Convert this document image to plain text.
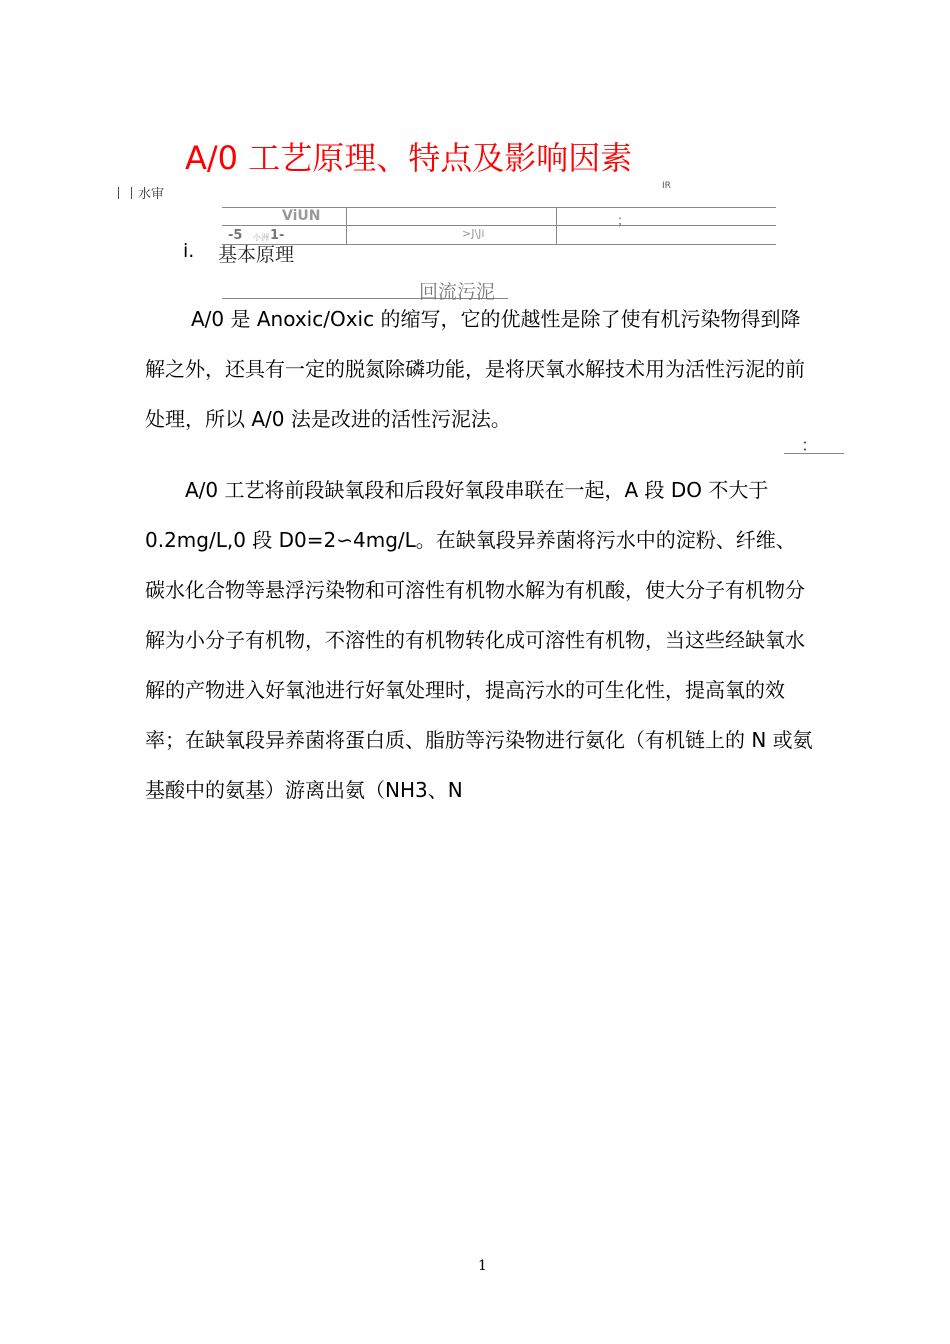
A/0 工艺原理、特点及影响因素
丨丨水审
IR
ViUN	；
>J\Ji
-5 小洲 1-
i. 基本原理
回流污泥
：

A/0 是 Anoxic/Oxic 的缩写，它的优越性是除了使有机污染物得到降解之外，还具有一定的脱氮除磷功能，是将厌氧水解技术用为活性污泥的前处理，所以 A/0 法是改进的活性污泥法。

A/0 工艺将前段缺氧段和后段好氧段串联在一起，A 段 DO 不大于 0.2mg/L,0 段 D0=2∽4mg/L。在缺氧段异养菌将污水中的淀粉、纤维、碳水化合物等悬浮污染物和可溶性有机物水解为有机酸，使大分子有机物分解为小分子有机物，不溶性的有机物转化成可溶性有机物，当这些经缺氧水解的产物进入好氧池进行好氧处理时，提高污水的可生化性，提高氧的效率；在缺氧段异养菌将蛋白质、脂肪等污染物进行氨化（有机链上的 N 或氨基酸中的氨基）游离出氨（NH3、N

1
